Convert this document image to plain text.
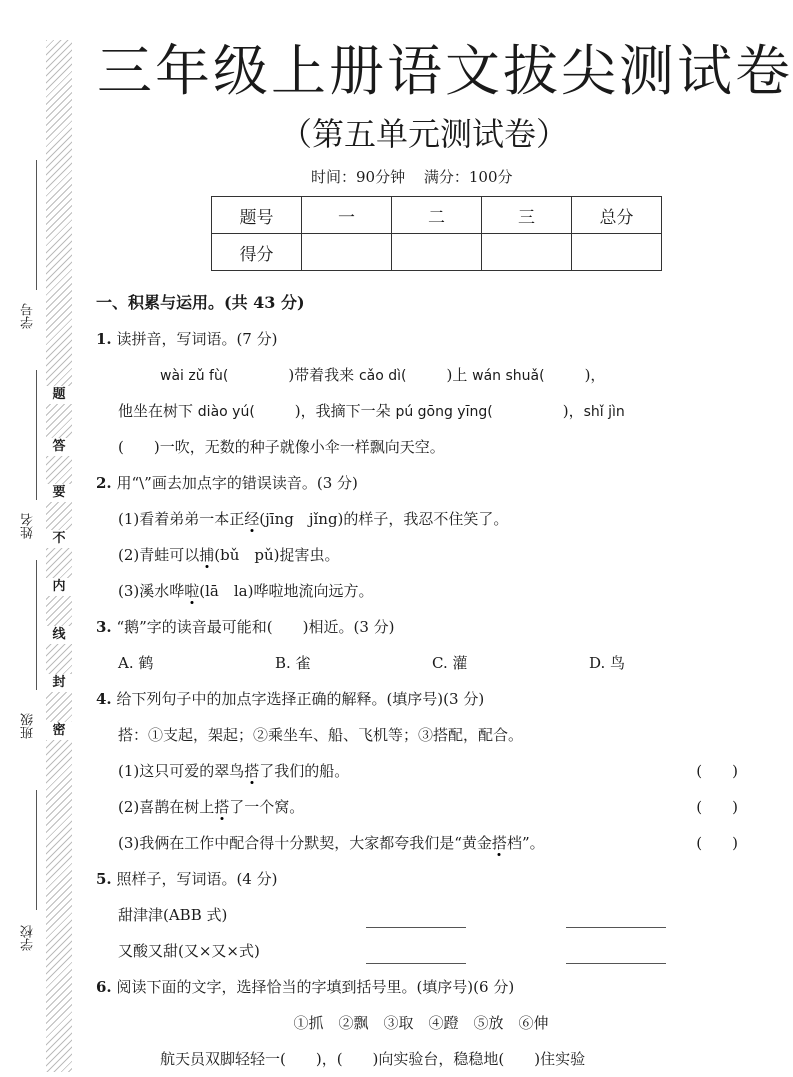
学号
姓名
班级
学校
题
答
要
不
内
线
封
密
三年级上册语文拔尖测试卷
（第五单元测试卷）
时间：90分钟 满分：100分
题号	一	二	三	总分
得分				
一、积累与运用。(共 43 分)
1. 读拼音，写词语。(7 分)
wài zǔ fù(	)带着我来 cǎo dì(	)上 wán shuǎ(	)，
他坐在树下 diào yú(	)，我摘下一朵 pú gōng yīng(	)，shǐ jìn
(　　)一吹，无数的种子就像小伞一样飘向天空。
2. 用“\”画去加点字的错误读音。(3 分)
(1)看着弟弟一本正经(jīng　jǐng)的样子，我忍不住笑了。
(2)青蛙可以捕(bǔ　pǔ)捉害虫。
(3)溪水哗啦(lā　la)哗啦地流向远方。
3. “鹅”字的读音最可能和(　　)相近。(3 分)
A. 鹤	B. 雀	C. 灌	D. 鸟
4. 给下列句子中的加点字选择正确的解释。(填序号)(3 分)
搭：①支起，架起；②乘坐车、船、飞机等；③搭配，配合。
(1)这只可爱的翠鸟搭了我们的船。	(　　)
(2)喜鹊在树上搭了一个窝。	(　　)
(3)我俩在工作中配合得十分默契，大家都夸我们是“黄金搭档”。	(　　)
5. 照样子，写词语。(4 分)
甜津津(ABB 式)
又酸又甜(又×又×式)
6. 阅读下面的文字，选择恰当的字填到括号里。(填序号)(6 分)
①抓　②飘　③取　④蹬　⑤放　⑥伸
航天员双脚轻轻一(　　)，(　　)向实验台，稳稳地(　　)住实验
